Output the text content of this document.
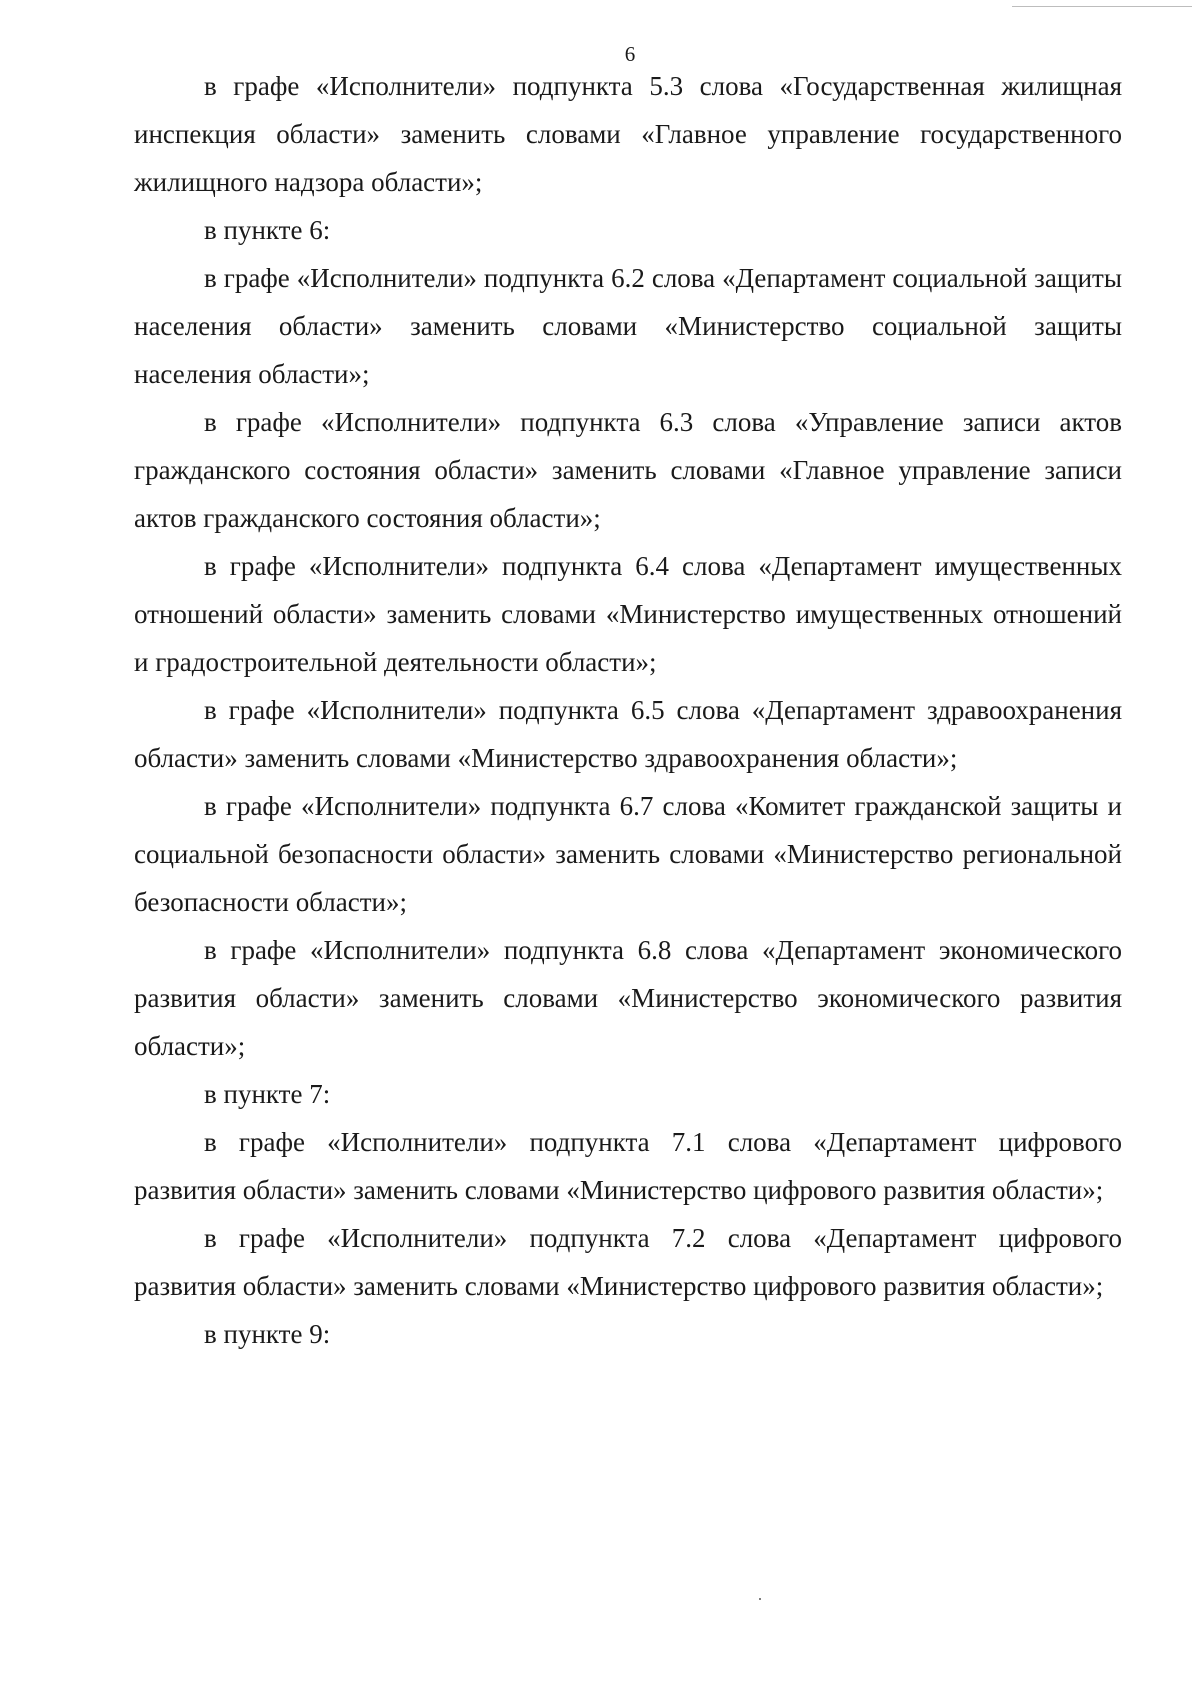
6

в графе «Исполнители» подпункта 5.3 слова «Государственная жилищная инспекция области» заменить словами «Главное управление государственного жилищного надзора области»;

в пункте 6:

в графе «Исполнители» подпункта 6.2 слова «Департамент социальной защиты населения области» заменить словами «Министерство социальной защиты населения области»;

в графе «Исполнители» подпункта 6.3 слова «Управление записи актов гражданского состояния области» заменить словами «Главное управление записи актов гражданского состояния области»;

в графе «Исполнители» подпункта 6.4 слова «Департамент имущественных отношений области» заменить словами «Министерство имущественных отношений и градостроительной деятельности области»;

в графе «Исполнители» подпункта 6.5 слова «Департамент здравоохранения области» заменить словами «Министерство здравоохранения области»;

в графе «Исполнители» подпункта 6.7 слова «Комитет гражданской защиты и социальной безопасности области» заменить словами «Министерство региональной безопасности области»;

в графе «Исполнители» подпункта 6.8 слова «Департамент экономического развития области» заменить словами «Министерство экономического развития области»;

в пункте 7:

в графе «Исполнители» подпункта 7.1 слова «Департамент цифрового развития области» заменить словами «Министерство цифрового развития области»;

в графе «Исполнители» подпункта 7.2 слова «Департамент цифрового развития области» заменить словами «Министерство цифрового развития области»;

в пункте 9:
